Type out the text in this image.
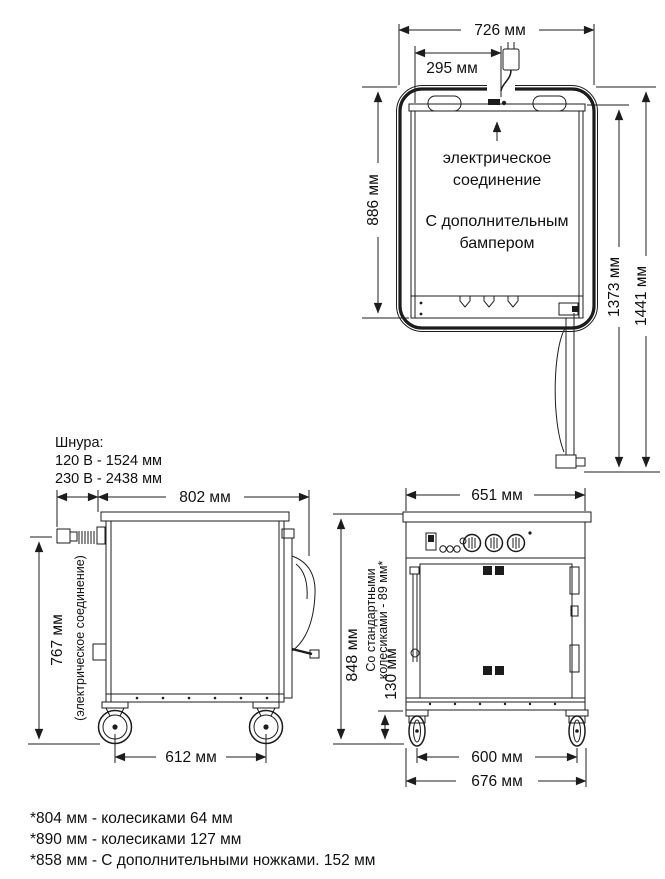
726 мм
295 мм
электрическое
соединение
С дополнительным
бампером
886 мм
1373 мм 1441 мм
Шнура:
120 В - 1524 мм
230 В - 2438 мм
802 мм
767 мм (электрическое соединение)
612 мм
651 мм
848 мм Со стандартными
колесиками - 89 мм*
130 мм
600 мм
676 мм
*804 мм - колесиками 64 мм
*890 мм - колесиками 127 мм
*858 мм - С дополнительными ножками. 152 мм
